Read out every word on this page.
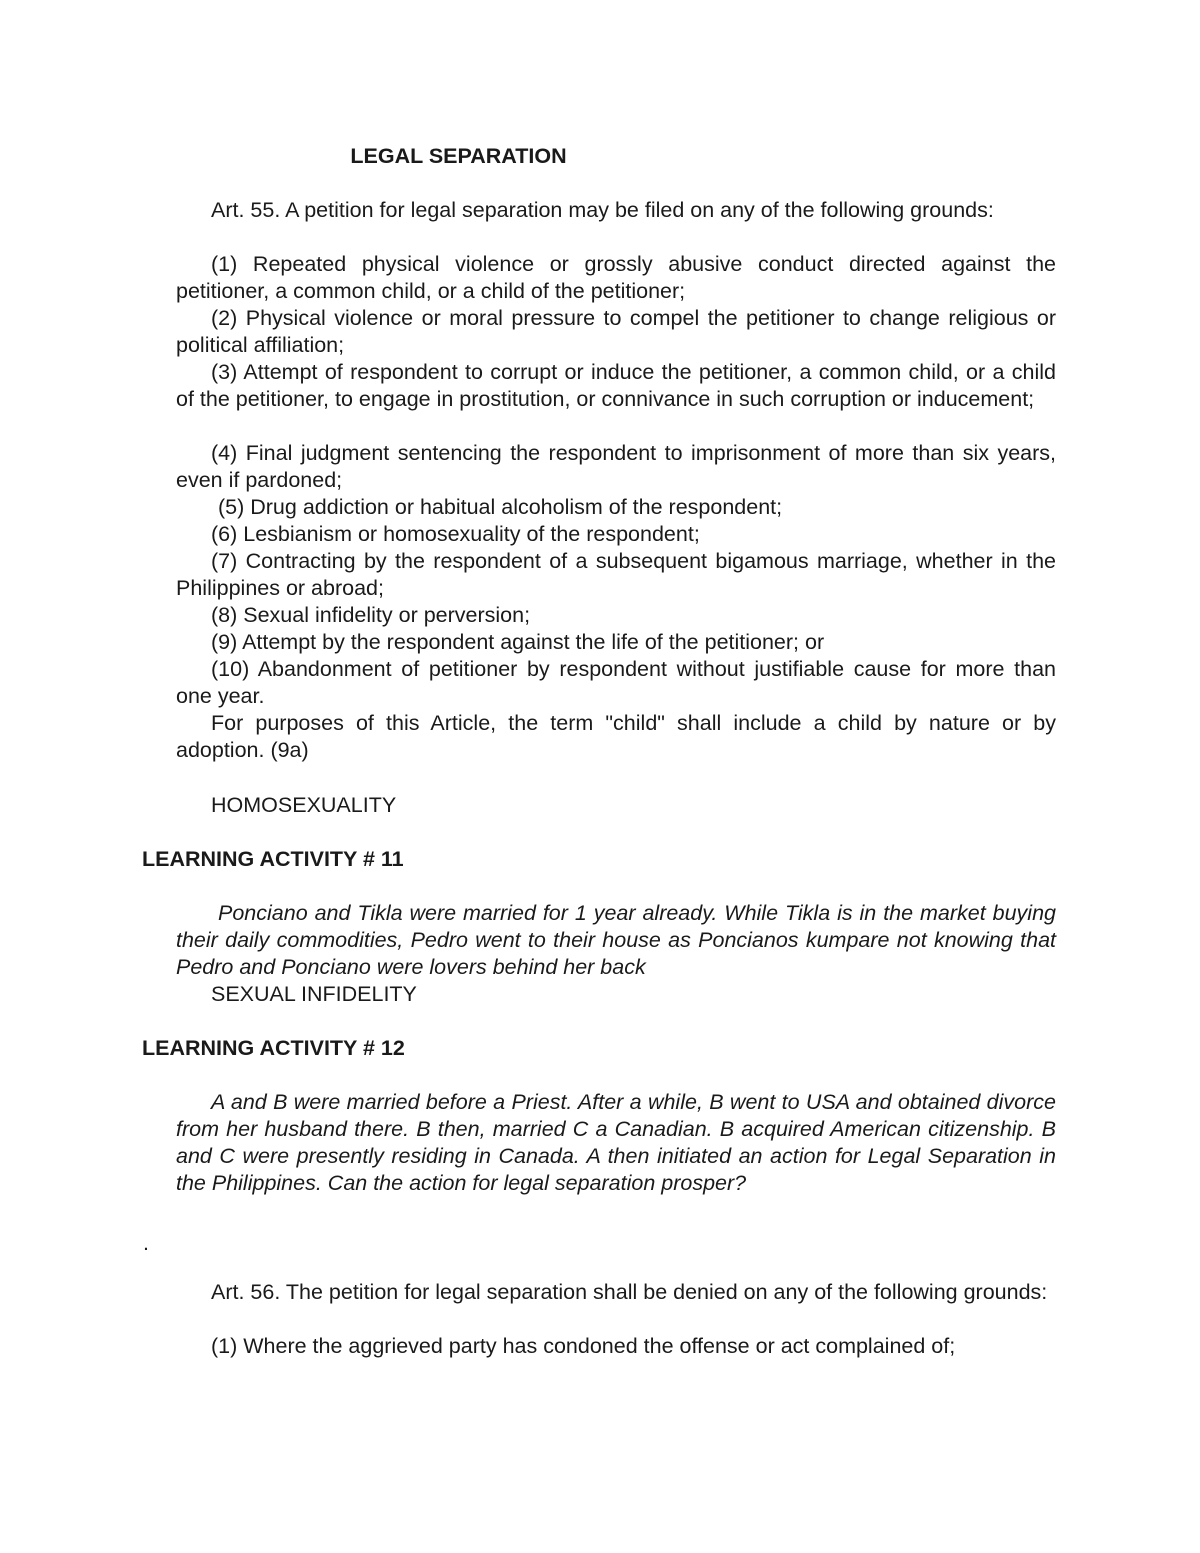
LEGAL SEPARATION

Art. 55. A petition for legal separation may be filed on any of the following grounds:

(1) Repeated physical violence or grossly abusive conduct directed against the petitioner, a common child, or a child of the petitioner;

(2) Physical violence or moral pressure to compel the petitioner to change religious or political affiliation;

(3) Attempt of respondent to corrupt or induce the petitioner, a common child, or a child of the petitioner, to engage in prostitution, or connivance in such corruption or inducement;

(4) Final judgment sentencing the respondent to imprisonment of more than six years, even if pardoned;

(5) Drug addiction or habitual alcoholism of the respondent;

(6) Lesbianism or homosexuality of the respondent;

(7) Contracting by the respondent of a subsequent bigamous marriage, whether in the Philippines or abroad;

(8) Sexual infidelity or perversion;

(9) Attempt by the respondent against the life of the petitioner; or

(10) Abandonment of petitioner by respondent without justifiable cause for more than one year.

For purposes of this Article, the term "child" shall include a child by nature or by adoption. (9a)

HOMOSEXUALITY

Ponciano and Tikla were married for 1 year already. While Tikla is in the market buying their daily commodities, Pedro went to their house as Poncianos kumpare not knowing that Pedro and Ponciano were lovers behind her back

SEXUAL INFIDELITY

A and B were married before a Priest. After a while, B went to USA and obtained divorce from her husband there. B then, married C a Canadian. B acquired American citizenship. B and C were presently residing in Canada. A then initiated an action for Legal Separation in the Philippines. Can the action for legal separation prosper?

Art. 56. The petition for legal separation shall be denied on any of the following grounds:

(1) Where the aggrieved party has condoned the offense or act complained of;

LEARNING ACTIVITY # 11
LEARNING ACTIVITY # 12
.
